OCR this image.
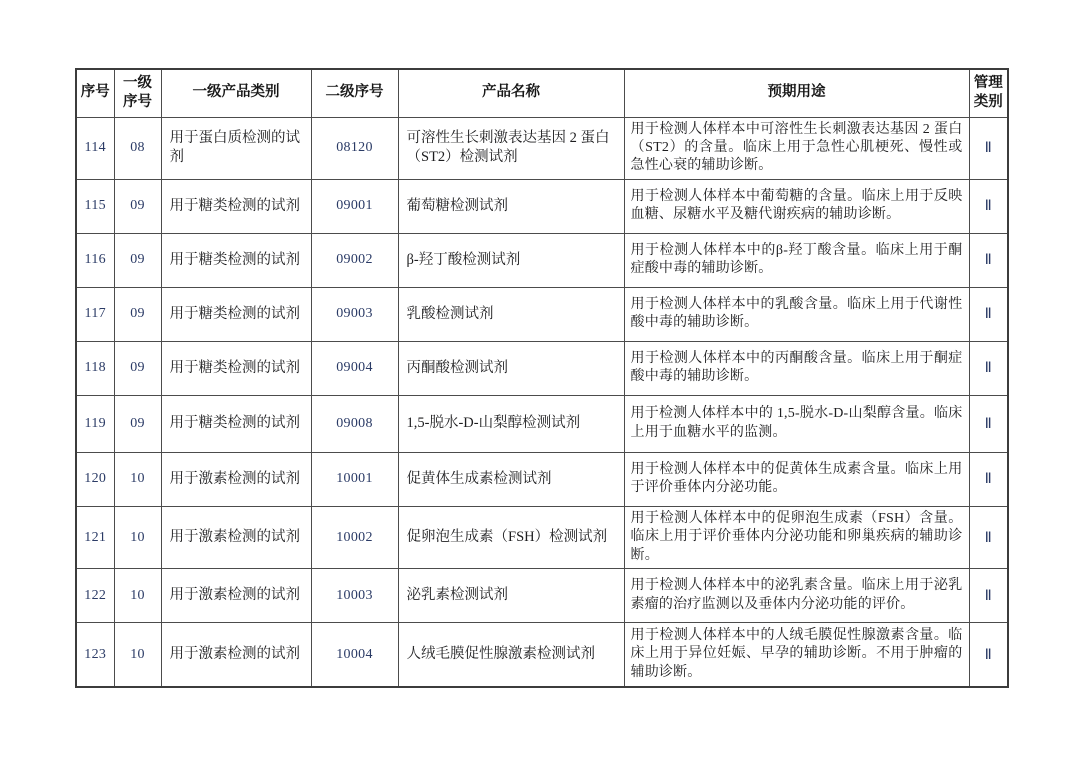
序号	一级序号	一级产品类别	二级序号	产品名称	预期用途	管理类别
114	08	用于蛋白质检测的试剂	08120	可溶性生长刺激表达基因 2 蛋白（ST2）检测试剂	用于检测人体样本中可溶性生长刺激表达基因 2 蛋白（ST2）的含量。临床上用于急性心肌梗死、慢性或急性心衰的辅助诊断。	Ⅱ
115	09	用于糖类检测的试剂	09001	葡萄糖检测试剂	用于检测人体样本中葡萄糖的含量。临床上用于反映血糖、尿糖水平及糖代谢疾病的辅助诊断。	Ⅱ
116	09	用于糖类检测的试剂	09002	β-羟丁酸检测试剂	用于检测人体样本中的β-羟丁酸含量。临床上用于酮症酸中毒的辅助诊断。	Ⅱ
117	09	用于糖类检测的试剂	09003	乳酸检测试剂	用于检测人体样本中的乳酸含量。临床上用于代谢性酸中毒的辅助诊断。	Ⅱ
118	09	用于糖类检测的试剂	09004	丙酮酸检测试剂	用于检测人体样本中的丙酮酸含量。临床上用于酮症酸中毒的辅助诊断。	Ⅱ
119	09	用于糖类检测的试剂	09008	1,5-脱水-D-山梨醇检测试剂	用于检测人体样本中的 1,5-脱水-D-山梨醇含量。临床上用于血糖水平的监测。	Ⅱ
120	10	用于激素检测的试剂	10001	促黄体生成素检测试剂	用于检测人体样本中的促黄体生成素含量。临床上用于评价垂体内分泌功能。	Ⅱ
121	10	用于激素检测的试剂	10002	促卵泡生成素（FSH）检测试剂	用于检测人体样本中的促卵泡生成素（FSH）含量。临床上用于评价垂体内分泌功能和卵巢疾病的辅助诊断。	Ⅱ
122	10	用于激素检测的试剂	10003	泌乳素检测试剂	用于检测人体样本中的泌乳素含量。临床上用于泌乳素瘤的治疗监测以及垂体内分泌功能的评价。	Ⅱ
123	10	用于激素检测的试剂	10004	人绒毛膜促性腺激素检测试剂	用于检测人体样本中的人绒毛膜促性腺激素含量。临床上用于异位妊娠、早孕的辅助诊断。不用于肿瘤的辅助诊断。	Ⅱ
